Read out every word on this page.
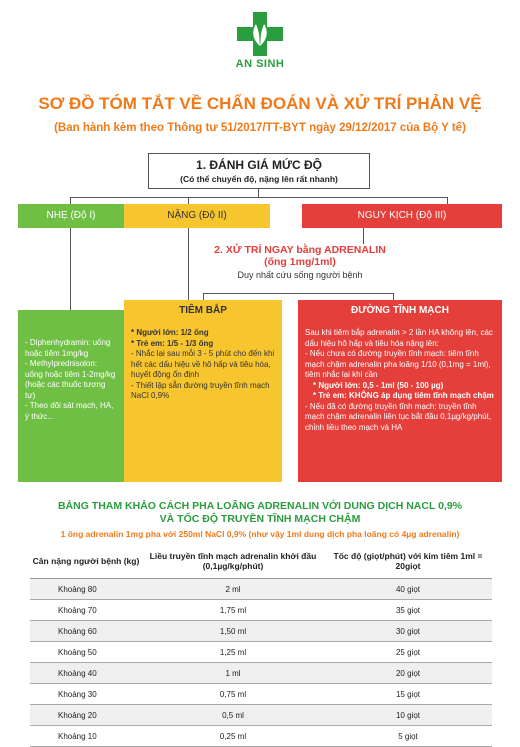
AN SINH
SƠ ĐỒ TÓM TẮT VỀ CHẨN ĐOÁN VÀ XỬ TRÍ PHẢN VỆ
(Ban hành kèm theo Thông tư 51/2017/TT-BYT ngày 29/12/2017 của Bộ Y tế)
1. ĐÁNH GIÁ MỨC ĐỘ
(Có thể chuyển độ, nặng lên rất nhanh)
NHẸ (Độ I)	NẶNG (Độ II)	NGUY KỊCH (Độ III)
2. XỬ TRÍ NGAY bằng ADRENALIN
(ống 1mg/1ml)
Duy nhất cứu sống người bệnh
TIÊM BẮP	ĐƯỜNG TĨNH MẠCH
- Diphenhydramin: uống hoặc tiêm 1mg/kg
- Methylprednisolon: uống hoặc tiêm 1-2mg/kg (hoặc các thuốc tương tự)
- Theo dõi sát mạch, HA, ý thức...
* Người lớn: 1/2 ống
* Trẻ em: 1/5 - 1/3 ống
- Nhắc lại sau mỗi 3 - 5 phút cho đến khi hết các dấu hiệu về hô hấp và tiêu hóa, huyết động ổn định
- Thiết lập sẵn đường truyền tĩnh mạch NaCl 0,9%
Sau khi tiêm bắp adrenalin > 2 lần HA không lên, các dấu hiệu hô hấp và tiêu hóa nặng lên:
- Nếu chưa có đường truyền tĩnh mạch: tiêm tĩnh mạch chậm adrenalin pha loãng 1/10 (0,1mg = 1ml), tiêm nhắc lại khi cần
* Người lớn: 0,5 - 1ml (50 - 100 µg)
* Trẻ em: KHÔNG áp dụng tiêm tĩnh mạch chậm
- Nếu đã có đường truyền tĩnh mạch: truyền tĩnh mạch chậm adrenalin liên tục bắt đầu 0,1µg/kg/phút, chỉnh liều theo mạch và HA
BẢNG THAM KHẢO CÁCH PHA LOÃNG ADRENALIN VỚI DUNG DỊCH NACL 0,9%
VÀ TỐC ĐỘ TRUYỀN TĨNH MẠCH CHẬM
1 ống adrenalin 1mg pha với 250ml NaCl 0,9% (như vậy 1ml dung dịch pha loãng có 4µg adrenalin)
Cân nặng người bệnh (kg)	Liều truyền tĩnh mạch adrenalin khởi đầu (0,1µg/kg/phút)	Tốc độ (giọt/phút) với kim tiêm 1ml = 20giọt
Khoảng 80	2 ml	40 giọt
Khoảng 70	1,75 ml	35 giọt
Khoảng 60	1,50 ml	30 giọt
Khoảng 50	1,25 ml	25 giọt
Khoảng 40	1 ml	20 giọt
Khoảng 30	0,75 ml	15 giọt
Khoảng 20	0,5 ml	10 giọt
Khoảng 10	0,25 ml	5 giọt
